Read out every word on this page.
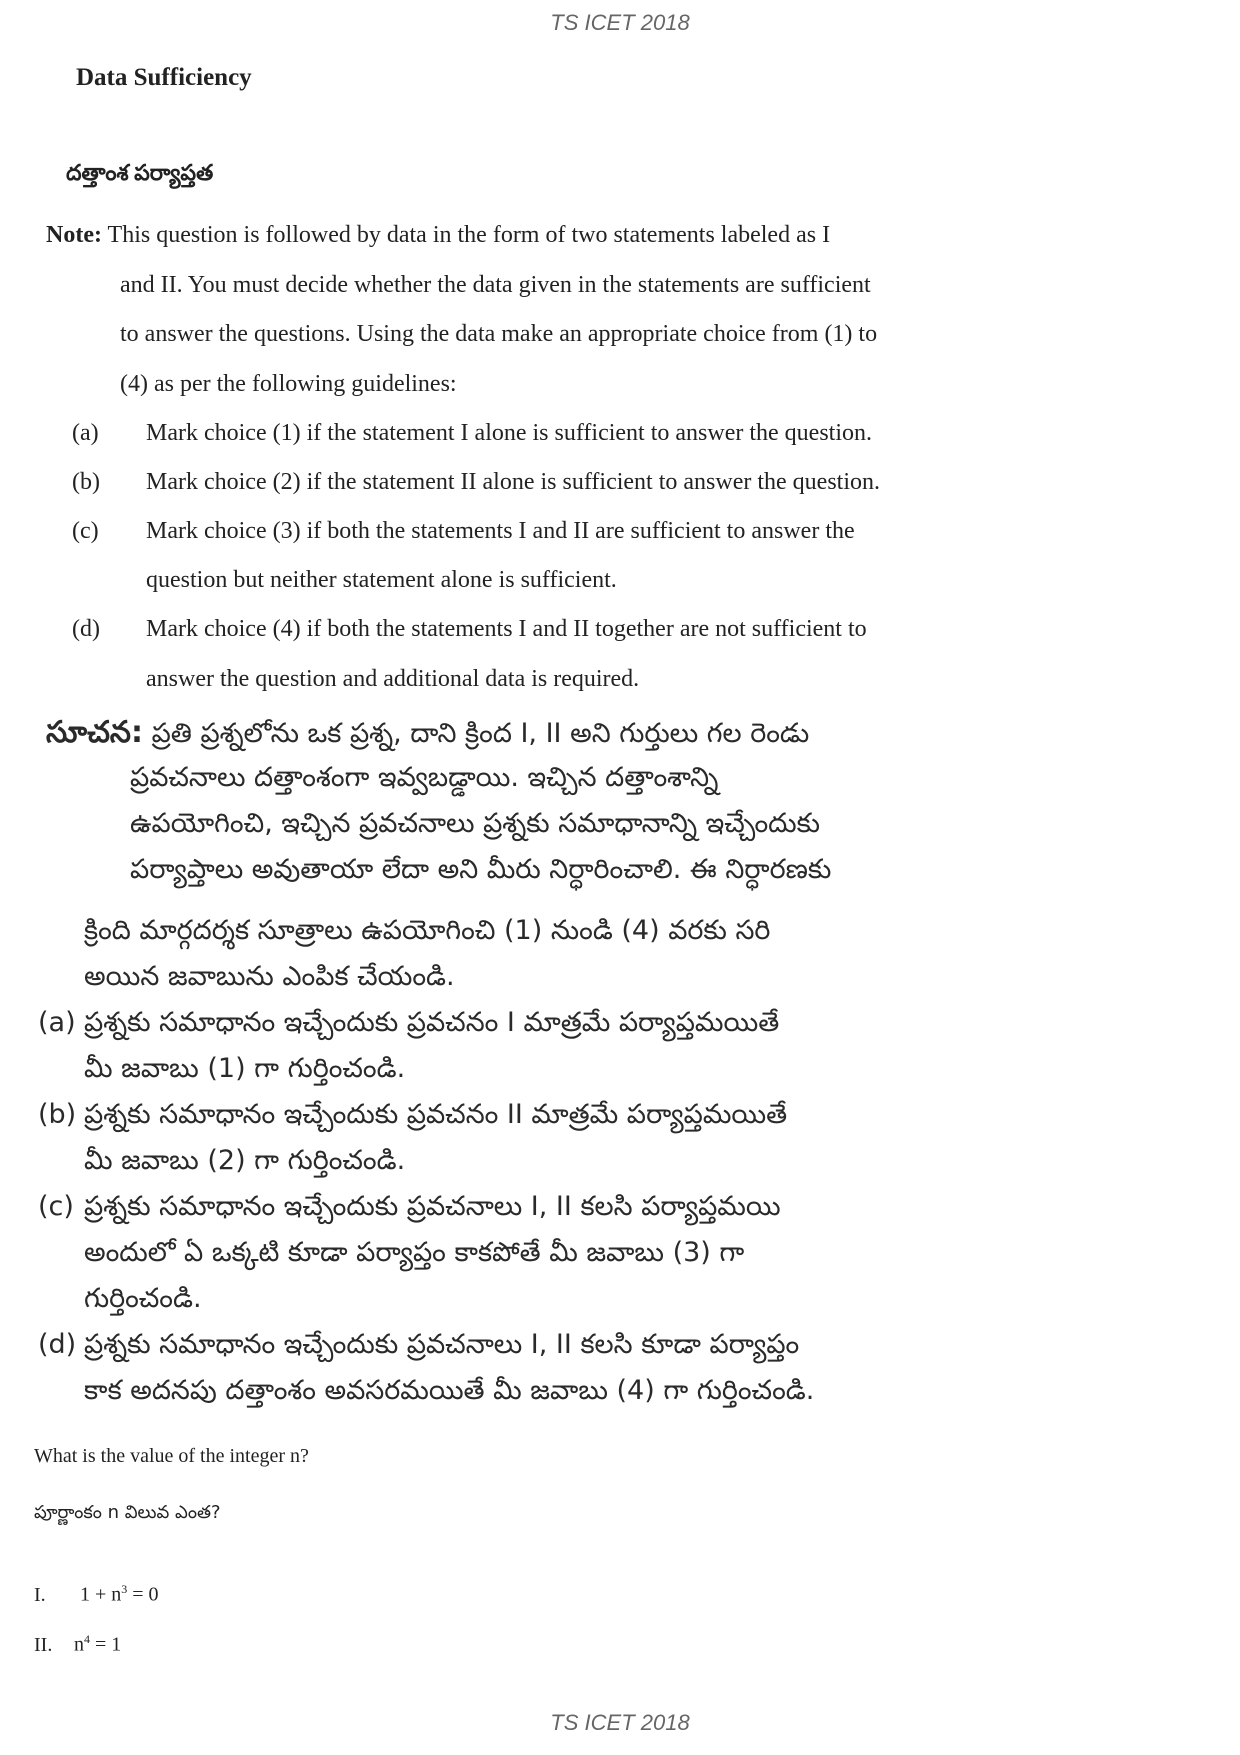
TS ICET 2018
Data Sufficiency
దత్తాంశ పర్యాప్తత
Note: This question is followed by data in the form of two statements labeled as I
and II. You must decide whether the data given in the statements are sufficient
to answer the questions. Using the data make an appropriate choice from (1) to
(4) as per the following guidelines:
(a) Mark choice (1) if the statement I alone is sufficient to answer the question.
(b) Mark choice (2) if the statement II alone is sufficient to answer the question.
(c) Mark choice (3) if both the statements I and II are sufficient to answer the
question but neither statement alone is sufficient.
(d) Mark choice (4) if both the statements I and II together are not sufficient to
answer the question and additional data is required.
సూచన: ప్రతి ప్రశ్నలోను ఒక ప్రశ్న, దాని క్రింద I, II అని గుర్తులు గల రెండు
ప్రవచనాలు దత్తాంశంగా ఇవ్వబడ్డాయి. ఇచ్చిన దత్తాంశాన్ని
ఉపయోగించి, ఇచ్చిన ప్రవచనాలు ప్రశ్నకు సమాధానాన్ని ఇచ్చేందుకు
పర్యాప్తాలు అవుతాయా లేదా అని మీరు నిర్ధారించాలి. ఈ నిర్ధారణకు
క్రింది మార్గదర్శక సూత్రాలు ఉపయోగించి (1) నుండి (4) వరకు సరి
అయిన జవాబును ఎంపిక చేయండి.
(a) ప్రశ్నకు సమాధానం ఇచ్చేందుకు ప్రవచనం I మాత్రమే పర్యాప్తమయితే
మీ జవాబు (1) గా గుర్తించండి.
(b) ప్రశ్నకు సమాధానం ఇచ్చేందుకు ప్రవచనం II మాత్రమే పర్యాప్తమయితే
మీ జవాబు (2) గా గుర్తించండి.
(c) ప్రశ్నకు సమాధానం ఇచ్చేందుకు ప్రవచనాలు I, II కలసి పర్యాప్తమయి
అందులో ఏ ఒక్కటి కూడా పర్యాప్తం కాకపోతే మీ జవాబు (3) గా
గుర్తించండి.
(d) ప్రశ్నకు సమాధానం ఇచ్చేందుకు ప్రవచనాలు I, II కలసి కూడా పర్యాప్తం
కాక అదనపు దత్తాంశం అవసరమయితే మీ జవాబు (4) గా గుర్తించండి.
What is the value of the integer n?
పూర్ణాంకం n విలువ ఎంత?
I. $1 + n^3 = 0$
II. $n^4 = 1$
TS ICET 2018
